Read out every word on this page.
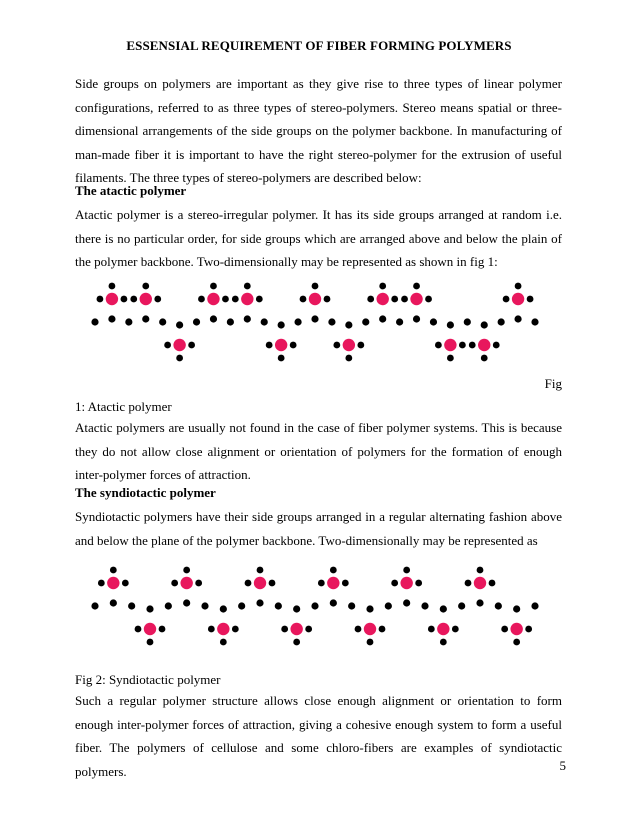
ESSENSIAL REQUIREMENT OF FIBER FORMING POLYMERS
Side groups on polymers are important as they give rise to three types of linear polymer configurations, referred to as three types of stereo-polymers. Stereo means spatial or three-dimensional arrangements of the side groups on the polymer backbone. In manufacturing of man-made fiber it is important to have the right stereo-polymer for the extrusion of useful filaments. The three types of stereo-polymers are described below:
The atactic polymer
Atactic polymer is a stereo-irregular polymer. It has its side groups arranged at random i.e. there is no particular order, for side groups which are arranged above and below the plain of the polymer backbone. Two-dimensionally may be represented as shown in fig 1:
Fig
1: Atactic polymer
Atactic polymers are usually not found in the case of fiber polymer systems. This is because they do not allow close alignment or orientation of polymers for the formation of enough inter-polymer forces of attraction.
The syndiotactic polymer
Syndiotactic polymers have their side groups arranged in a regular alternating fashion above and below the plane of the polymer backbone. Two-dimensionally may be represented as
Fig 2: Syndiotactic polymer
Such a regular polymer structure allows close enough alignment or orientation to form enough inter-polymer forces of attraction, giving a cohesive enough system to form a useful fiber. The polymers of cellulose and some chloro-fibers are examples of syndiotactic polymers.	5
